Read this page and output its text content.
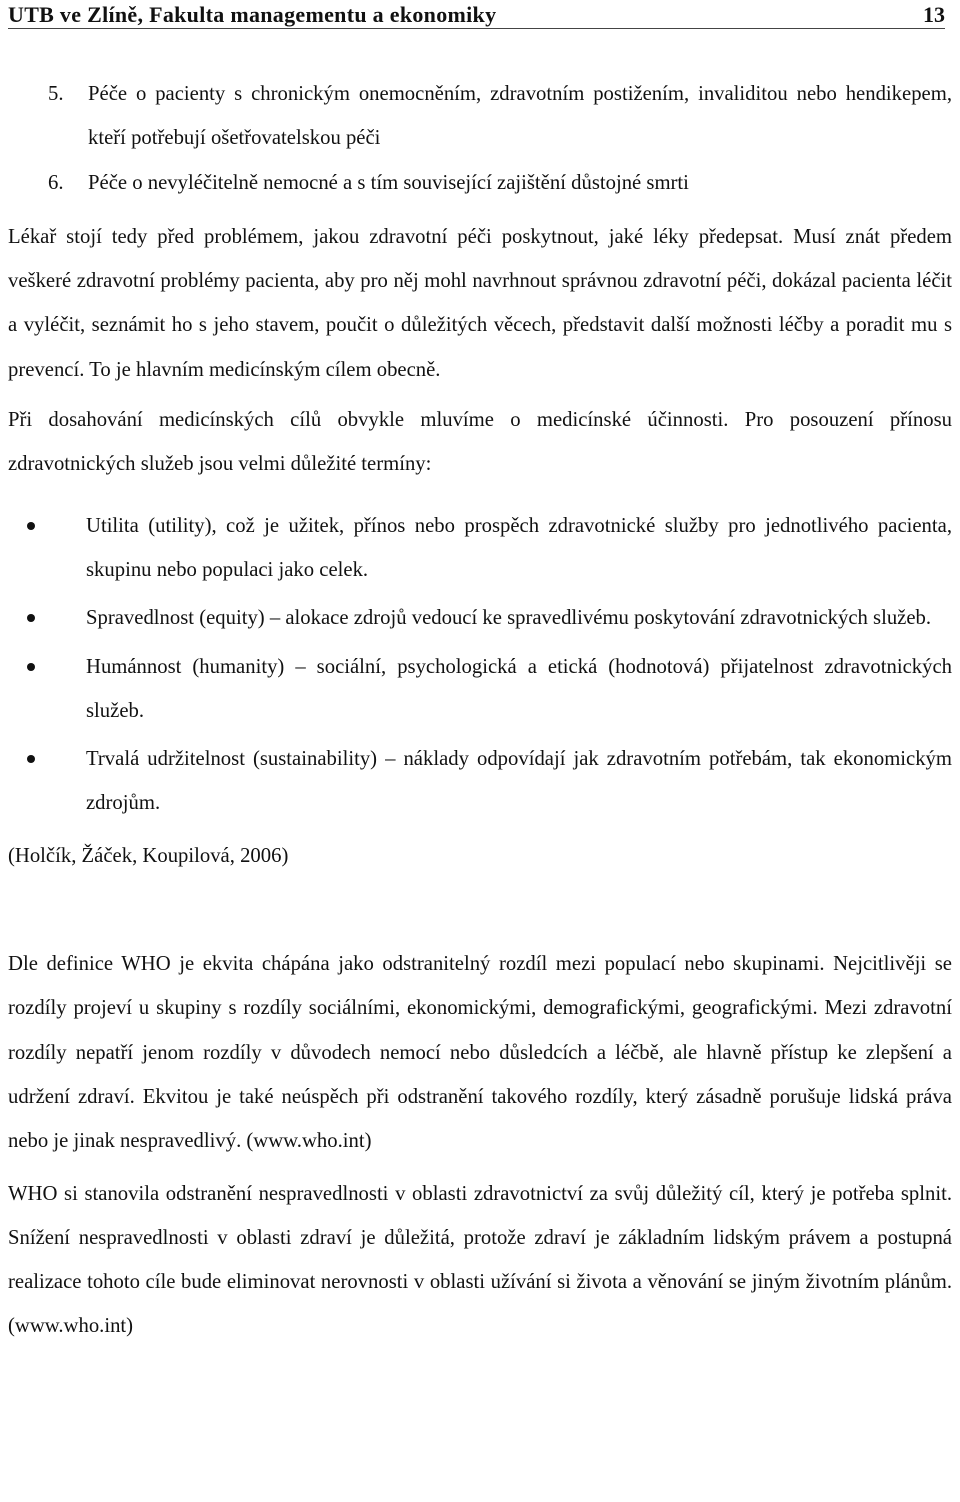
UTB ve Zlíně, Fakulta managementu a ekonomiky	13
5.	Péče o pacienty s chronickým onemocněním, zdravotním postižením, invaliditou nebo hendikepem, kteří potřebují ošetřovatelskou péči
6.	Péče o nevyléčitelně nemocné a s tím související zajištění důstojné smrti

Lékař stojí tedy před problémem, jakou zdravotní péči poskytnout, jaké léky předepsat. Musí znát předem veškeré zdravotní problémy pacienta, aby pro něj mohl navrhnout správnou zdravotní péči, dokázal pacienta léčit a vyléčit, seznámit ho s jeho stavem, poučit o důležitých věcech, představit další možnosti léčby a poradit mu s prevencí. To je hlavním medicínským cílem obecně.

Při dosahování medicínských cílů obvykle mluvíme o medicínské účinnosti. Pro posouzení přínosu zdravotnických služeb jsou velmi důležité termíny:

Utilita (utility), což je užitek, přínos nebo prospěch zdravotnické služby pro jednotlivého pacienta, skupinu nebo populaci jako celek.
Spravedlnost (equity) – alokace zdrojů vedoucí ke spravedlivému poskytování zdravotnických služeb.
Humánnost (humanity) – sociální, psychologická a etická (hodnotová) přijatelnost zdravotnických služeb.
Trvalá udržitelnost (sustainability) – náklady odpovídají jak zdravotním potřebám, tak ekonomickým zdrojům.

(Holčík, Žáček, Koupilová, 2006)

Dle definice WHO je ekvita chápána jako odstranitelný rozdíl mezi populací nebo skupinami. Nejcitlivěji se rozdíly projeví u skupiny s rozdíly sociálními, ekonomickými, demografickými, geografickými. Mezi zdravotní rozdíly nepatří jenom rozdíly v důvodech nemocí nebo důsledcích a léčbě, ale hlavně přístup ke zlepšení a udržení zdraví. Ekvitou je také neúspěch při odstranění takového rozdíly, který zásadně porušuje lidská práva nebo je jinak nespravedlivý. (www.who.int)

WHO si stanovila odstranění nespravedlnosti v oblasti zdravotnictví za svůj důležitý cíl, který je potřeba splnit. Snížení nespravedlnosti v oblasti zdraví je důležitá, protože zdraví je základním lidským právem a postupná realizace tohoto cíle bude eliminovat nerovnosti v oblasti užívání si života a věnování se jiným životním plánům. (www.who.int)
